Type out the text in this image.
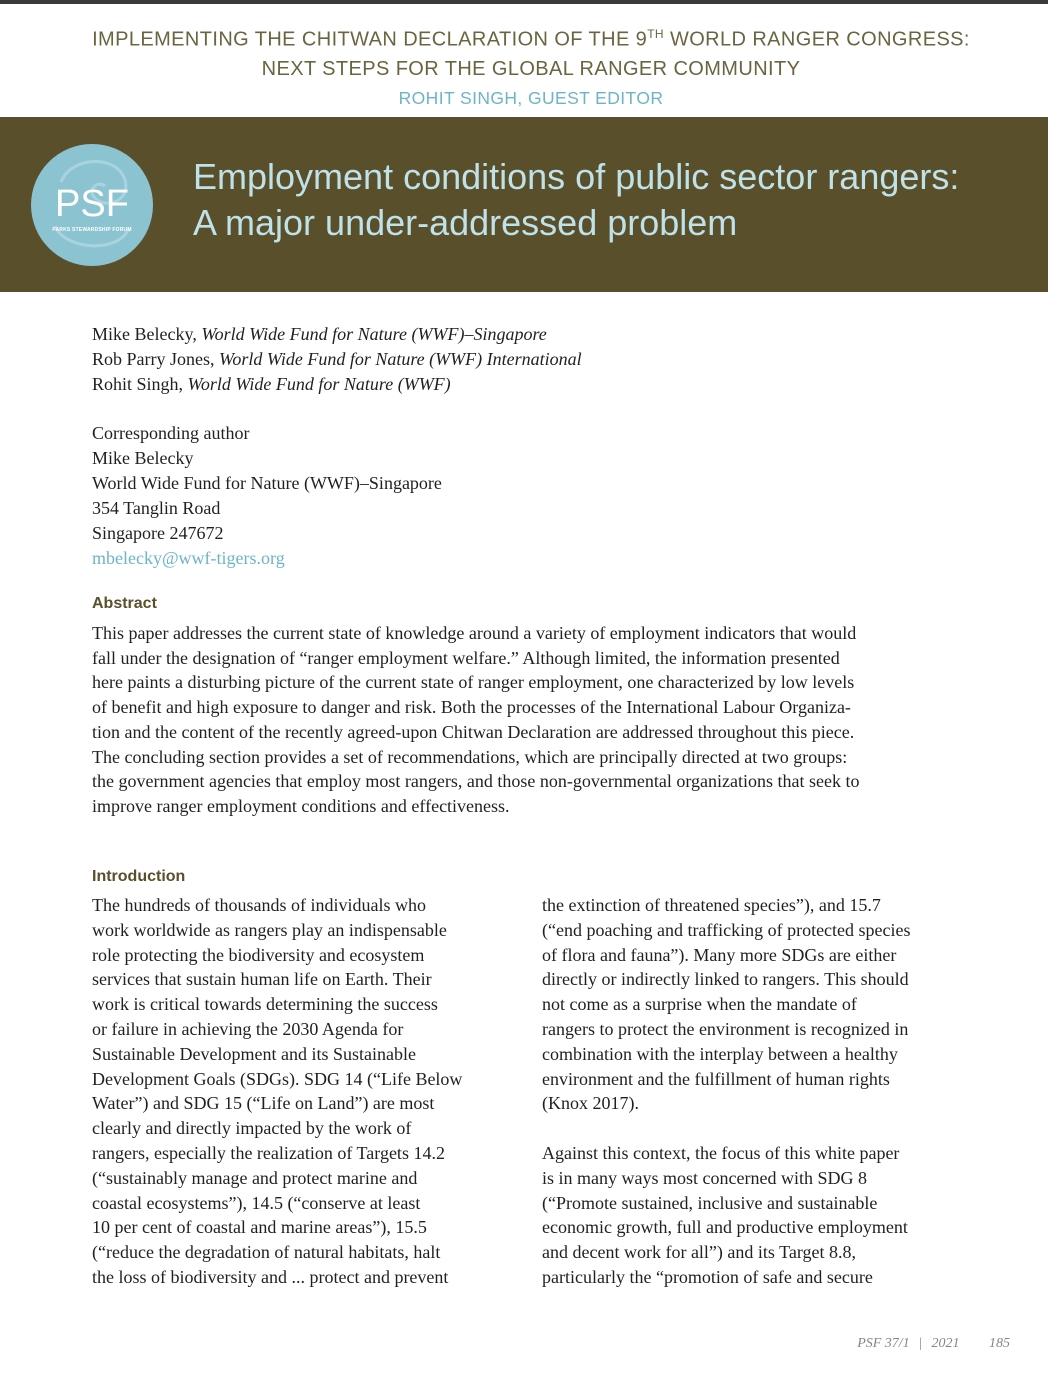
IMPLEMENTING THE CHITWAN DECLARATION OF THE 9TH WORLD RANGER CONGRESS:
NEXT STEPS FOR THE GLOBAL RANGER COMMUNITY
ROHIT SINGH, GUEST EDITOR
PSF
PARKS STEWARDSHIP FORUM
Employment conditions of public sector rangers:
A major under-addressed problem
Mike Belecky, World Wide Fund for Nature (WWF)–Singapore
Rob Parry Jones, World Wide Fund for Nature (WWF) International
Rohit Singh, World Wide Fund for Nature (WWF)
Corresponding author
Mike Belecky
World Wide Fund for Nature (WWF)–Singapore
354 Tanglin Road
Singapore 247672
mbelecky@wwf-tigers.org
Abstract
This paper addresses the current state of knowledge around a variety of employment indicators that would
fall under the designation of “ranger employment welfare.” Although limited, the information presented
here paints a disturbing picture of the current state of ranger employment, one characterized by low levels
of benefit and high exposure to danger and risk. Both the processes of the International Labour Organiza-
tion and the content of the recently agreed-upon Chitwan Declaration are addressed throughout this piece.
The concluding section provides a set of recommendations, which are principally directed at two groups:
the government agencies that employ most rangers, and those non-governmental organizations that seek to
improve ranger employment conditions and effectiveness.
Introduction
The hundreds of thousands of individuals who
work worldwide as rangers play an indispensable
role protecting the biodiversity and ecosystem
services that sustain human life on Earth. Their
work is critical towards determining the success
or failure in achieving the 2030 Agenda for
Sustainable Development and its Sustainable
Development Goals (SDGs). SDG 14 (“Life Below
Water”) and SDG 15 (“Life on Land”) are most
clearly and directly impacted by the work of
rangers, especially the realization of Targets 14.2
(“sustainably manage and protect marine and
coastal ecosystems”), 14.5 (“conserve at least
10 per cent of coastal and marine areas”), 15.5
(“reduce the degradation of natural habitats, halt
the loss of biodiversity and ... protect and prevent
the extinction of threatened species”), and 15.7
(“end poaching and trafficking of protected species
of flora and fauna”). Many more SDGs are either
directly or indirectly linked to rangers. This should
not come as a surprise when the mandate of
rangers to protect the environment is recognized in
combination with the interplay between a healthy
environment and the fulfillment of human rights
(Knox 2017).
Against this context, the focus of this white paper
is in many ways most concerned with SDG 8
(“Promote sustained, inclusive and sustainable
economic growth, full and productive employment
and decent work for all”) and its Target 8.8,
particularly the “promotion of safe and secure
PSF 37/1 | 2021 185
